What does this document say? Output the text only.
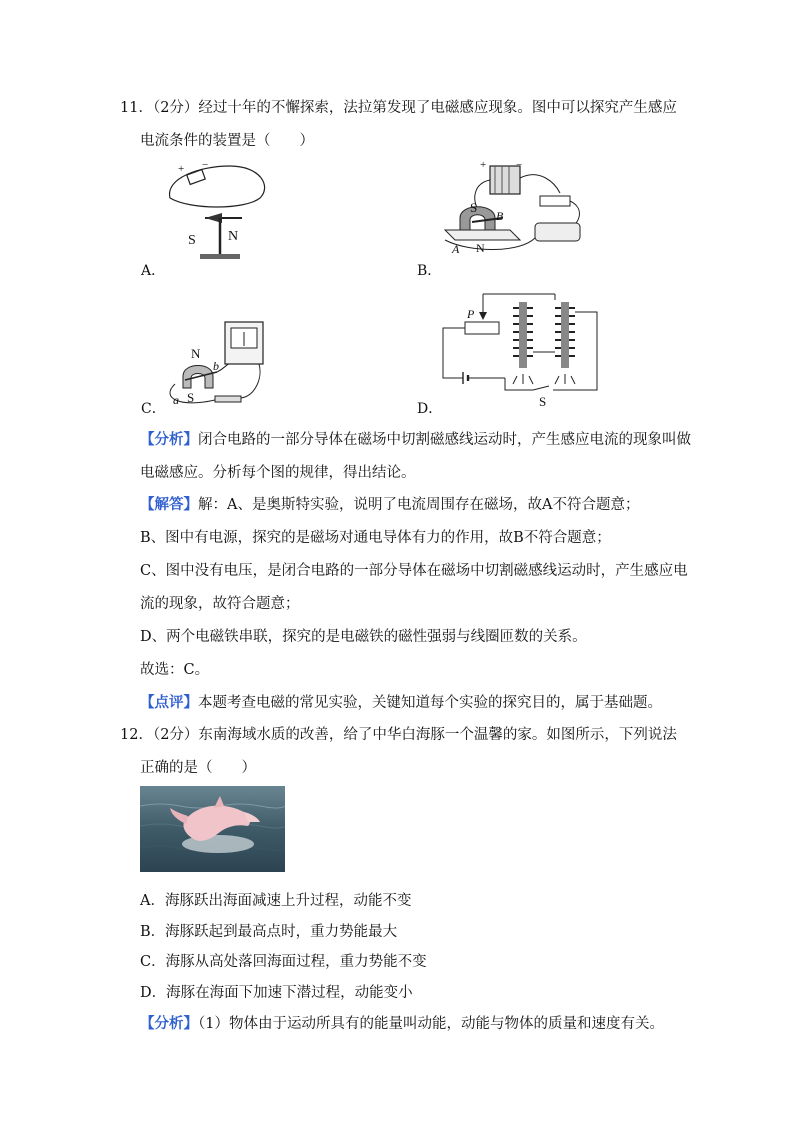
11．（2分）经过十年的不懈探索，法拉第发现了电磁感应现象。图中可以探究产生感应
电流条件的装置是（　　）
+ −
S N
A．
+	−
S
B
A N
B．
N
b
a S
C．
P
S
D．
【分析】闭合电路的一部分导体在磁场中切割磁感线运动时，产生感应电流的现象叫做
电磁感应。分析每个图的规律，得出结论。
【解答】解：A、是奥斯特实验，说明了电流周围存在磁场，故A不符合题意；
B、图中有电源，探究的是磁场对通电导体有力的作用，故B不符合题意；
C、图中没有电压，是闭合电路的一部分导体在磁场中切割磁感线运动时，产生感应电
流的现象，故符合题意；
D、两个电磁铁串联，探究的是电磁铁的磁性强弱与线圈匝数的关系。
故选：C。
【点评】本题考查电磁的常见实验，关键知道每个实验的探究目的，属于基础题。
12．（2分）东南海域水质的改善，给了中华白海豚一个温馨的家。如图所示，下列说法
正确的是（　　）
A．海豚跃出海面减速上升过程，动能不变
B．海豚跃起到最高点时，重力势能最大
C．海豚从高处落回海面过程，重力势能不变
D．海豚在海面下加速下潜过程，动能变小
【分析】（1）物体由于运动所具有的能量叫动能，动能与物体的质量和速度有关。
